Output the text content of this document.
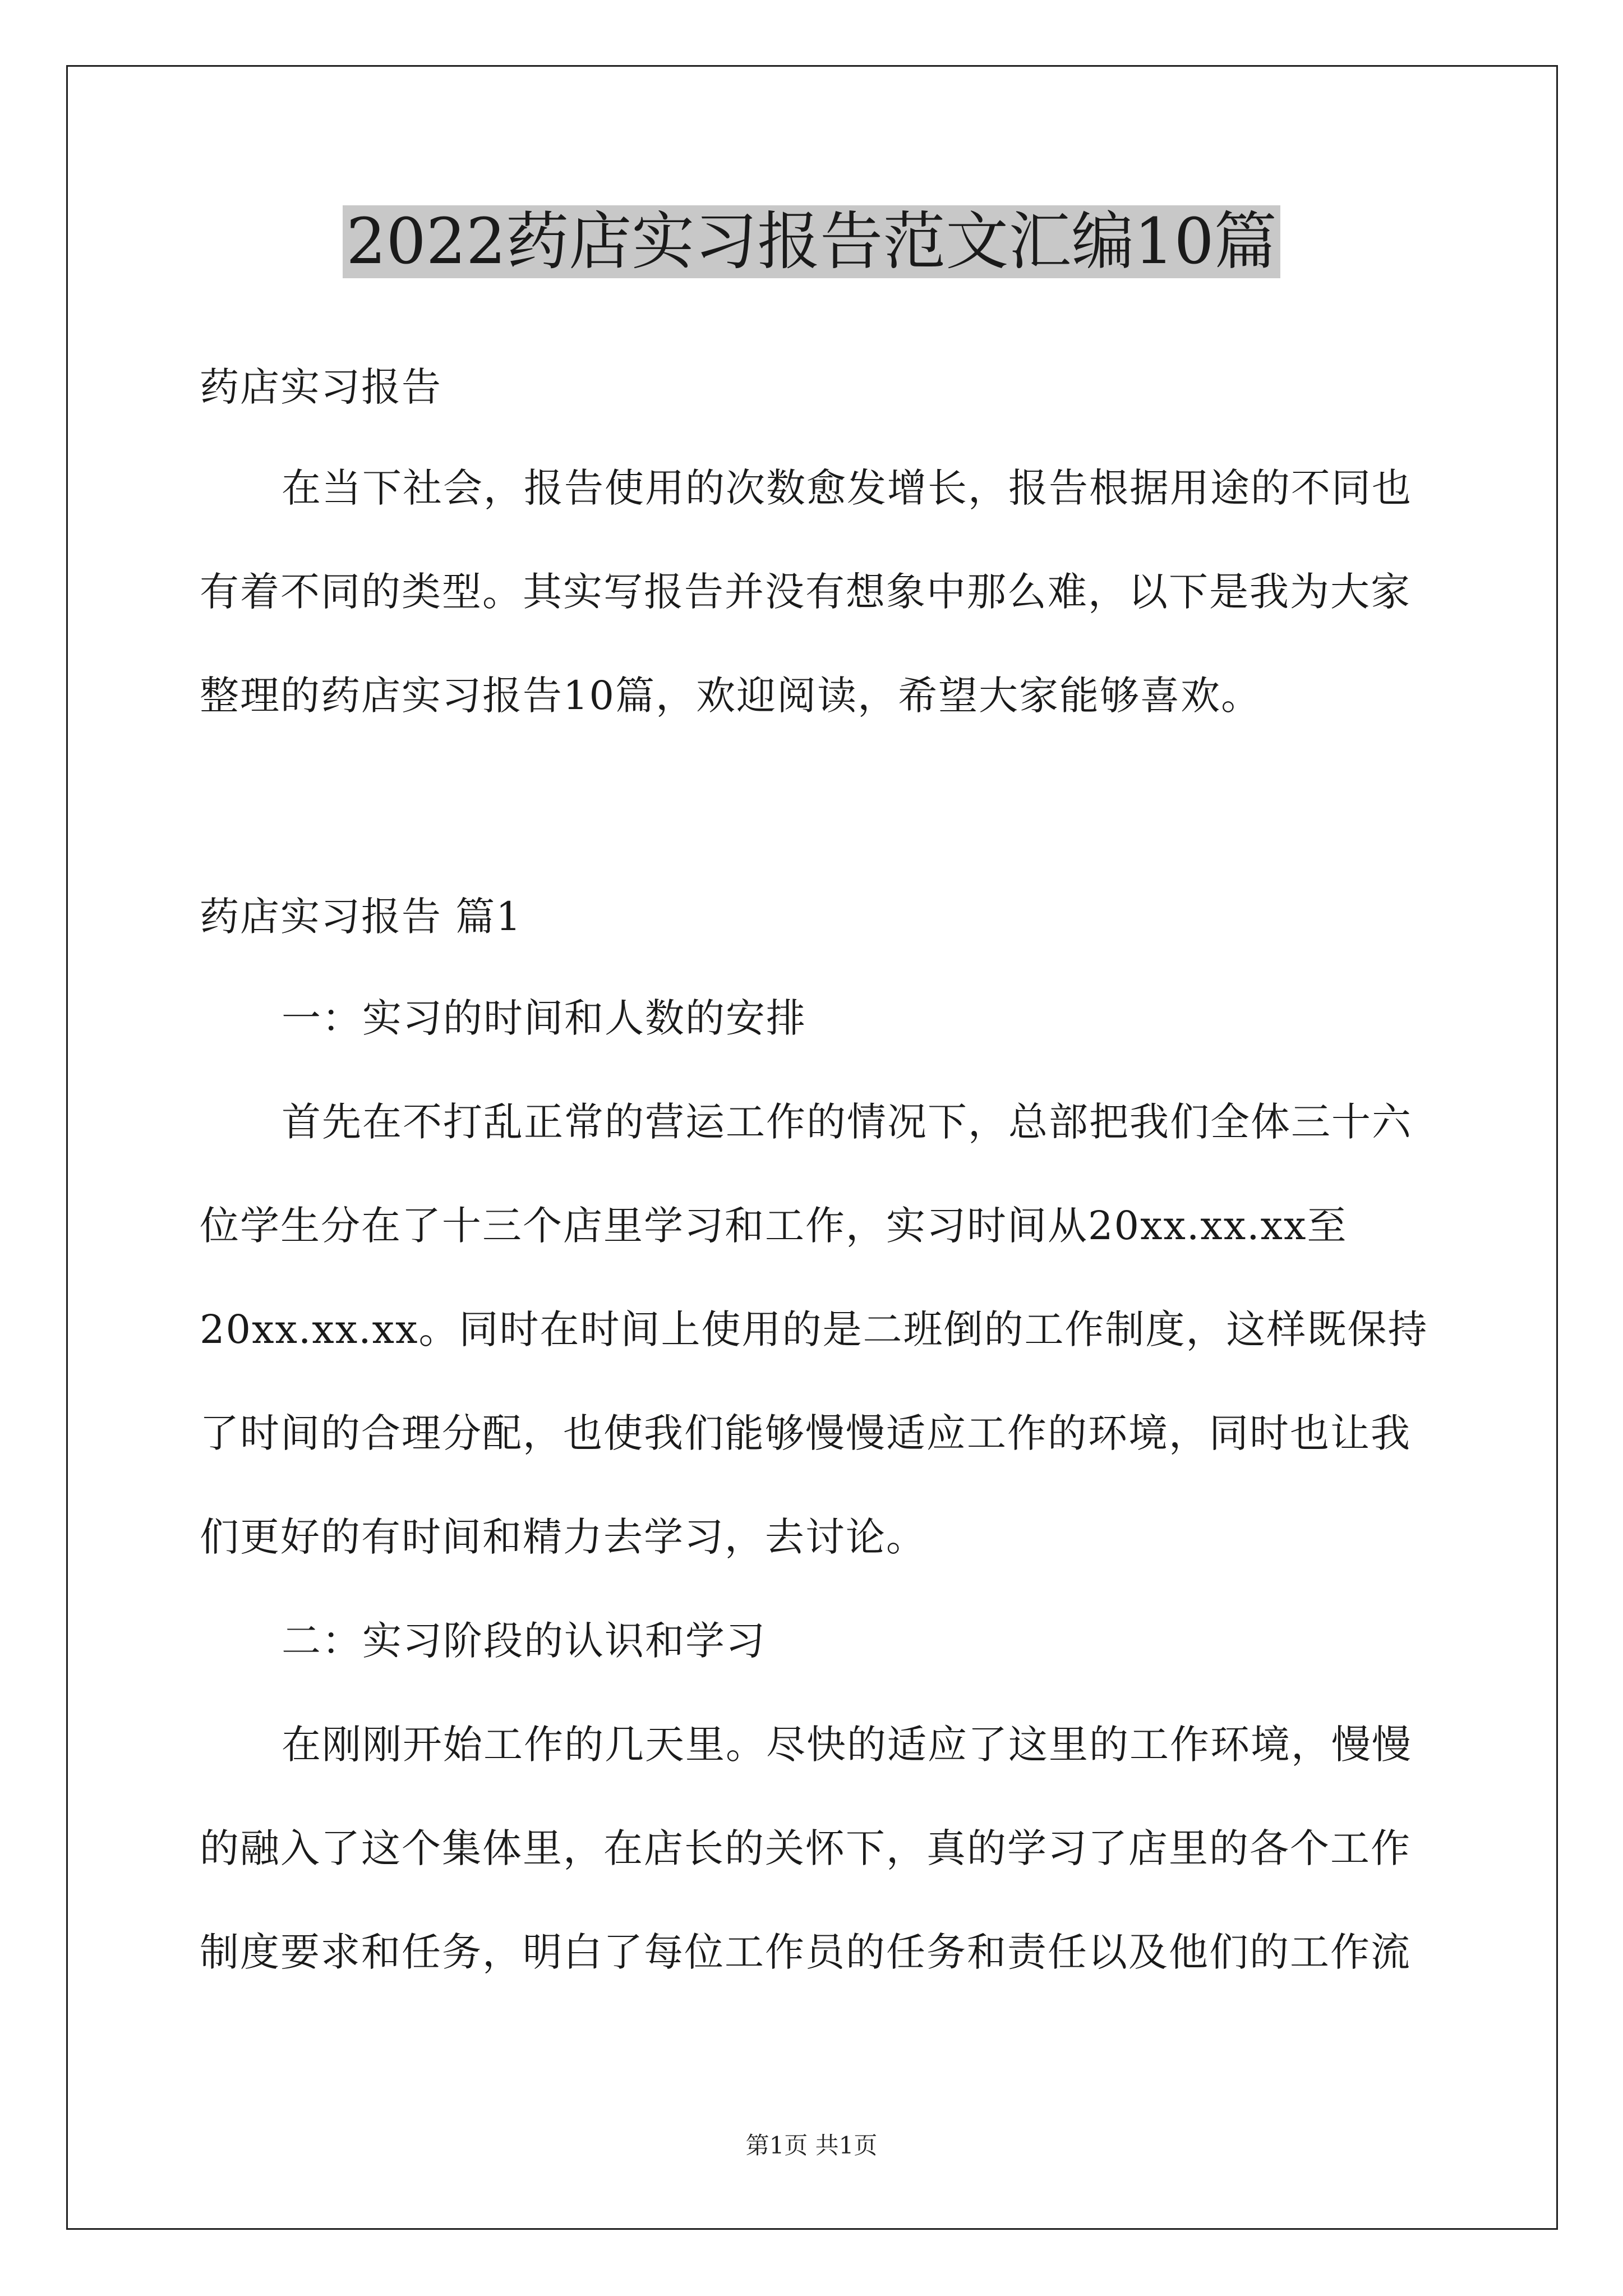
2022药店实习报告范文汇编10篇
药店实习报告
在当下社会，报告使用的次数愈发增长，报告根据用途的不同也
有着不同的类型。其实写报告并没有想象中那么难，以下是我为大家
整理的药店实习报告10篇，欢迎阅读，希望大家能够喜欢。
药店实习报告 篇1
一：实习的时间和人数的安排
首先在不打乱正常的营运工作的情况下，总部把我们全体三十六
位学生分在了十三个店里学习和工作，实习时间从20xx.xx.xx至
20xx.xx.xx。同时在时间上使用的是二班倒的工作制度，这样既保持
了时间的合理分配，也使我们能够慢慢适应工作的环境，同时也让我
们更好的有时间和精力去学习，去讨论。
二：实习阶段的认识和学习
在刚刚开始工作的几天里。尽快的适应了这里的工作环境，慢慢
的融入了这个集体里，在店长的关怀下，真的学习了店里的各个工作
制度要求和任务，明白了每位工作员的任务和责任以及他们的工作流
第1页 共1页
